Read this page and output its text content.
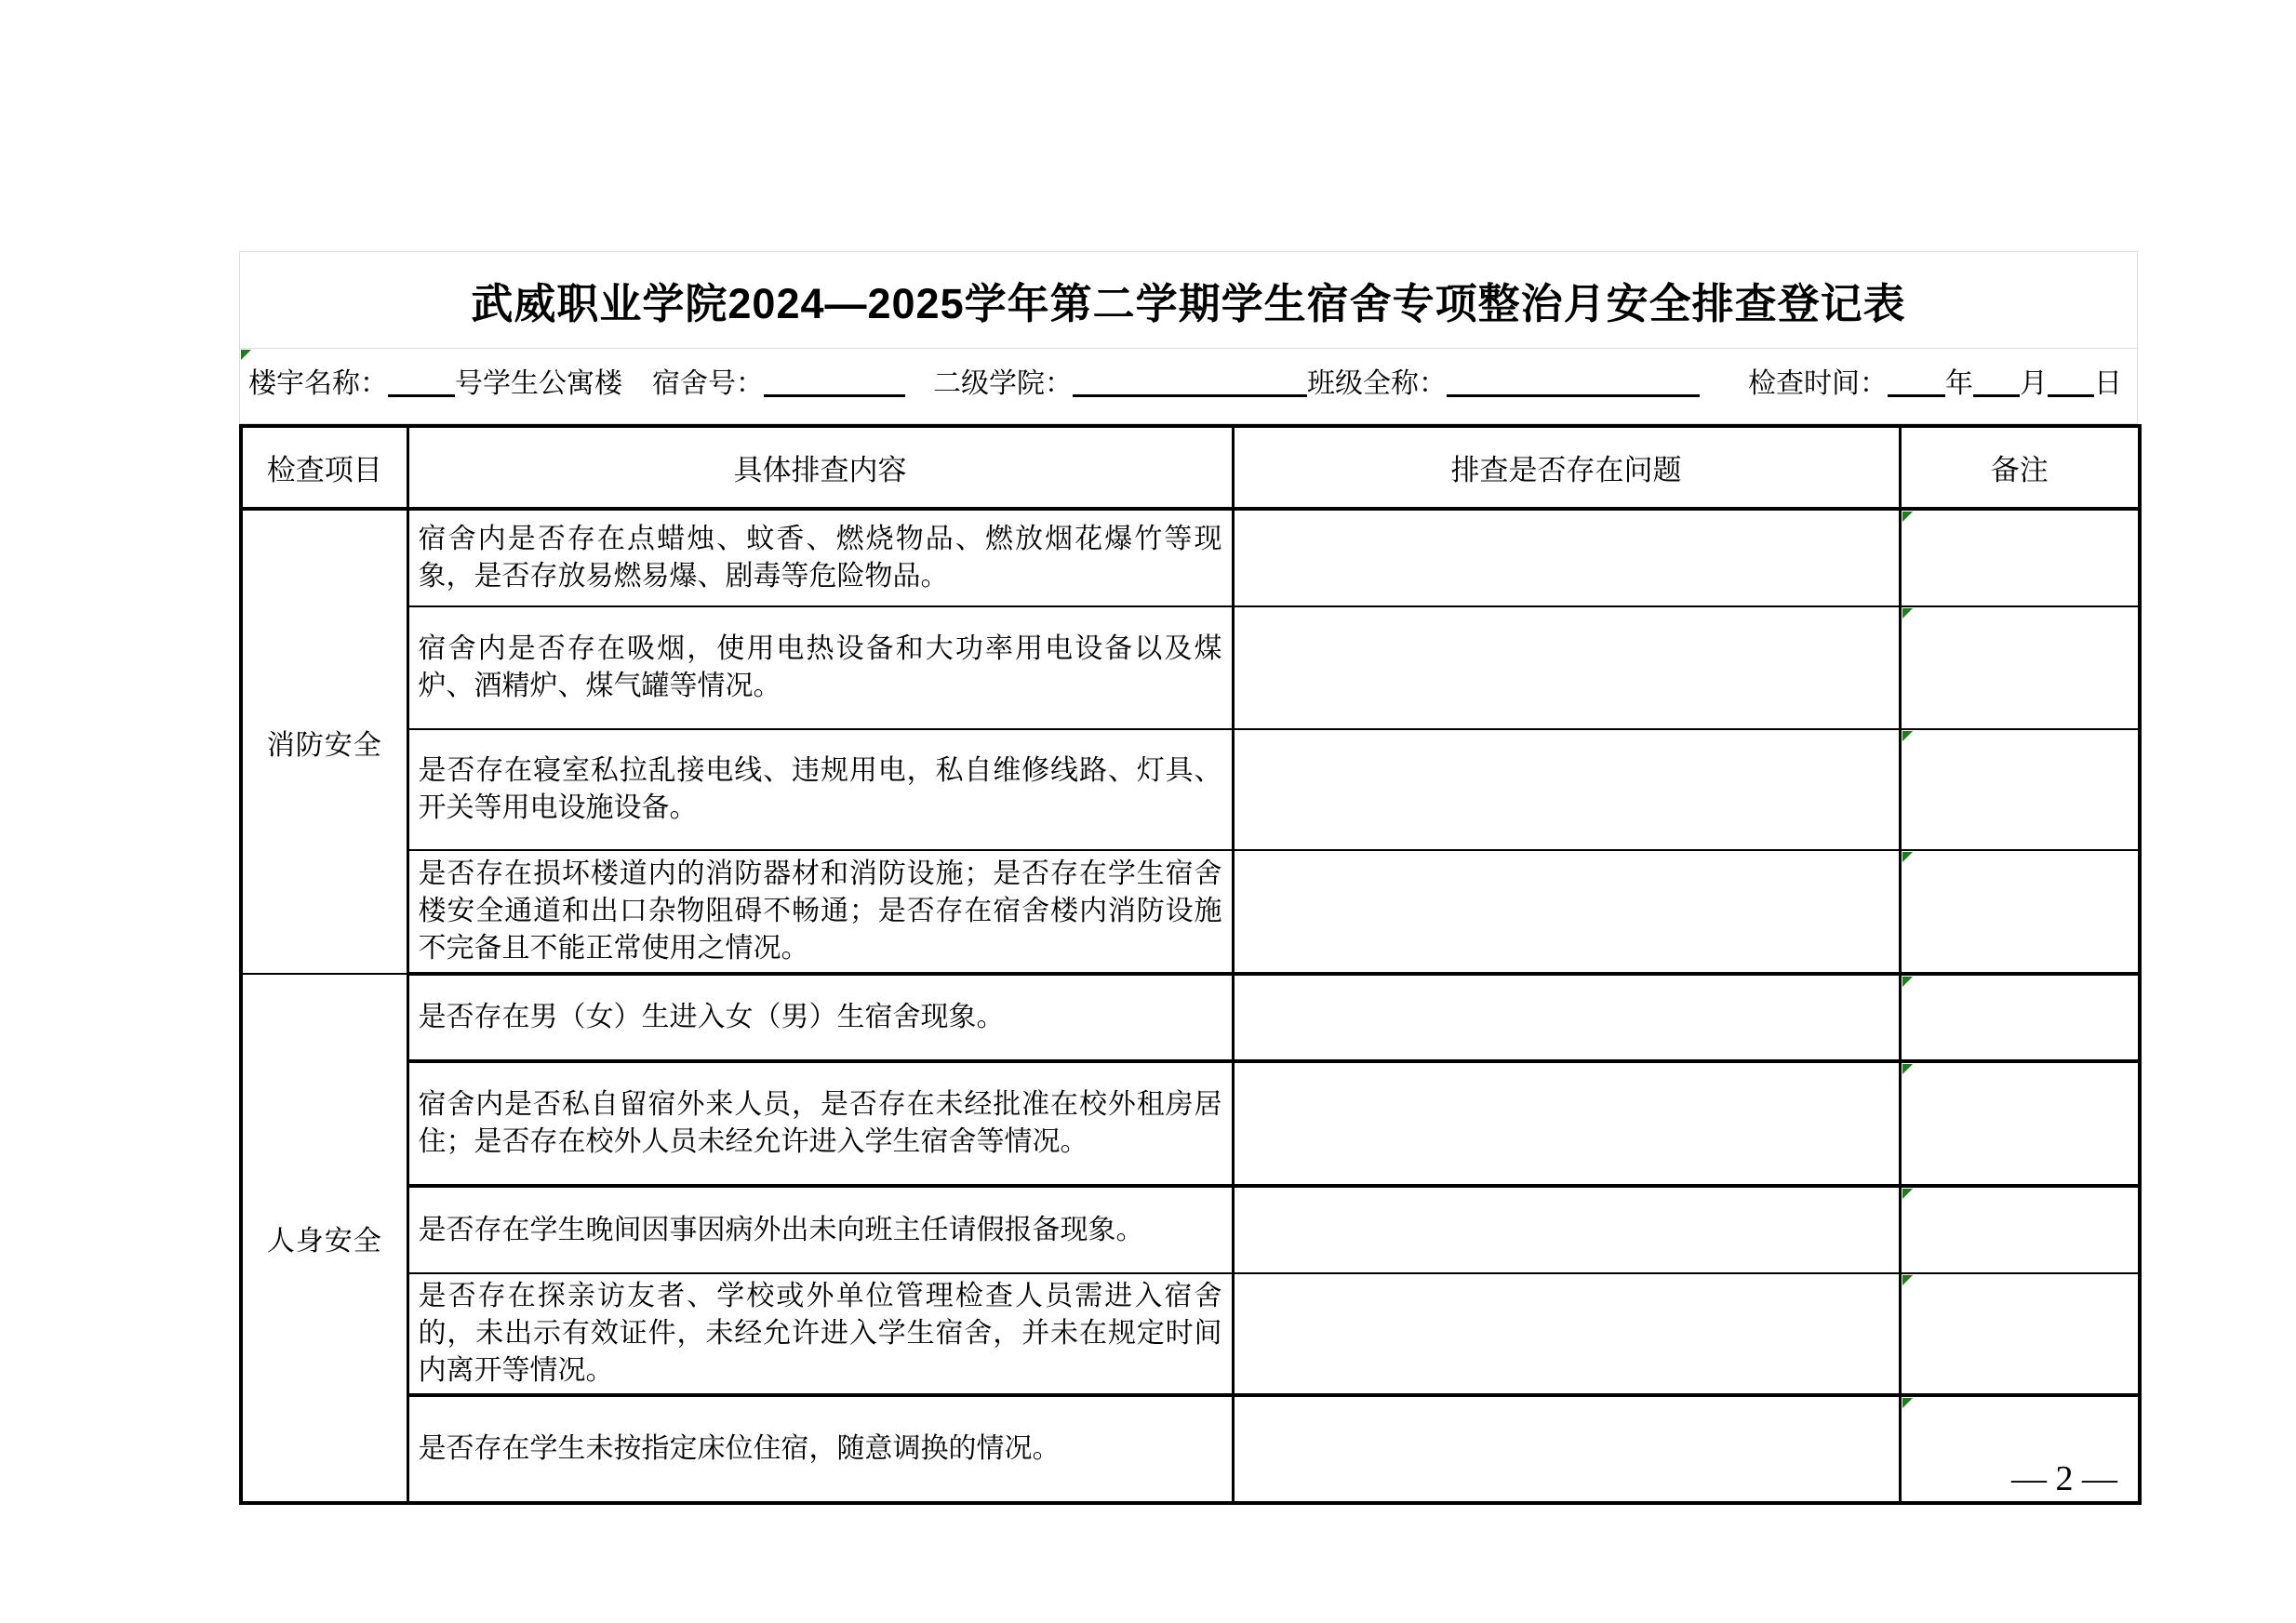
武威职业学院2024—2025学年第二学期学生宿舍专项整治月安全排查登记表
楼宇名称： 号学生公寓楼 宿舍号：	二级学院：	班级全称：	检查时间： 年 月 日
检查项目	具体排查内容	排查是否存在问题	备注
消防安全	宿舍内是否存在点蜡烛、蚊香、燃烧物品、燃放烟花爆竹等现象，是否存放易燃易爆、剧毒等危险物品。		

	宿舍内是否存在吸烟，使用电热设备和大功率用电设备以及煤炉、酒精炉、煤气罐等情况。		

	是否存在寝室私拉乱接电线、违规用电，私自维修线路、灯具、开关等用电设施设备。		

	是否存在损坏楼道内的消防器材和消防设施；是否存在学生宿舍楼安全通道和出口杂物阻碍不畅通；是否存在宿舍楼内消防设施不完备且不能正常使用之情况。		

人身安全	是否存在男（女）生进入女（男）生宿舍现象。		

	宿舍内是否私自留宿外来人员，是否存在未经批准在校外租房居住；是否存在校外人员未经允许进入学生宿舍等情况。		

	是否存在学生晚间因事因病外出未向班主任请假报备现象。		

	是否存在探亲访友者、学校或外单位管理检查人员需进入宿舍的，未出示有效证件，未经允许进入学生宿舍，并未在规定时间内离开等情况。		

	是否存在学生未按指定床位住宿，随意调换的情况。		— 2 —
